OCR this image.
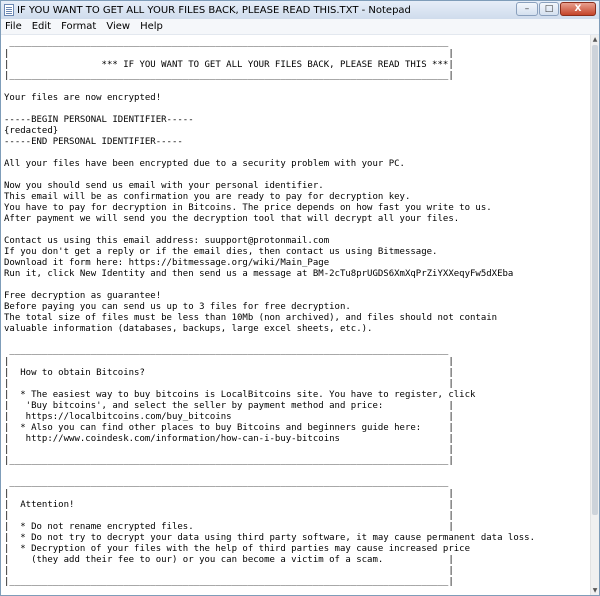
IF YOU WANT TO GET ALL YOUR FILES BACK, PLEASE READ THIS.TXT - Notepad	– □ X
File	Edit	Format	View	Help
_________________________________________________________________________________
|                                                                                 |
|                 *** IF YOU WANT TO GET ALL YOUR FILES BACK, PLEASE READ THIS ***|
|_________________________________________________________________________________|

Your files are now encrypted!

-----BEGIN PERSONAL IDENTIFIER-----
{redacted}
-----END PERSONAL IDENTIFIER-----

All your files have been encrypted due to a security problem with your PC.

Now you should send us email with your personal identifier.
This email will be as confirmation you are ready to pay for decryption key.
You have to pay for decryption in Bitcoins. The price depends on how fast you write to us.
After payment we will send you the decryption tool that will decrypt all your files.

Contact us using this email address: suupport@protonmail.com
If you don't get a reply or if the email dies, then contact us using Bitmessage.
Download it form here: https://bitmessage.org/wiki/Main_Page
Run it, click New Identity and then send us a message at BM-2cTu8prUGDS6XmXqPrZiYXXeqyFw5dXEba

Free decryption as guarantee!
Before paying you can send us up to 3 files for free decryption.
The total size of files must be less than 10Mb (non archived), and files should not contain
valuable information (databases, backups, large excel sheets, etc.).

_________________________________________________________________________________
|                                                                                 |
|  How to obtain Bitcoins?                                                        |
|                                                                                 |
|  * The easiest way to buy bitcoins is LocalBitcoins site. You have to register, click
|   'Buy bitcoins', and select the seller by payment method and price:            |
|   https://localbitcoins.com/buy_bitcoins                                        |
|  * Also you can find other places to buy Bitcoins and beginners guide here:     |
|   http://www.coindesk.com/information/how-can-i-buy-bitcoins                    |
|                                                                                 |
|_________________________________________________________________________________|

_________________________________________________________________________________
|                                                                                 |
|  Attention!                                                                     |
|                                                                                 |
|  * Do not rename encrypted files.                                               |
|  * Do not try to decrypt your data using third party software, it may cause permanent data loss.
|  * Decryption of your files with the help of third parties may cause increased price
|    (they add their fee to our) or you can become a victim of a scam.            |
|                                                                                 |
|_________________________________________________________________________________|
▲
▼
